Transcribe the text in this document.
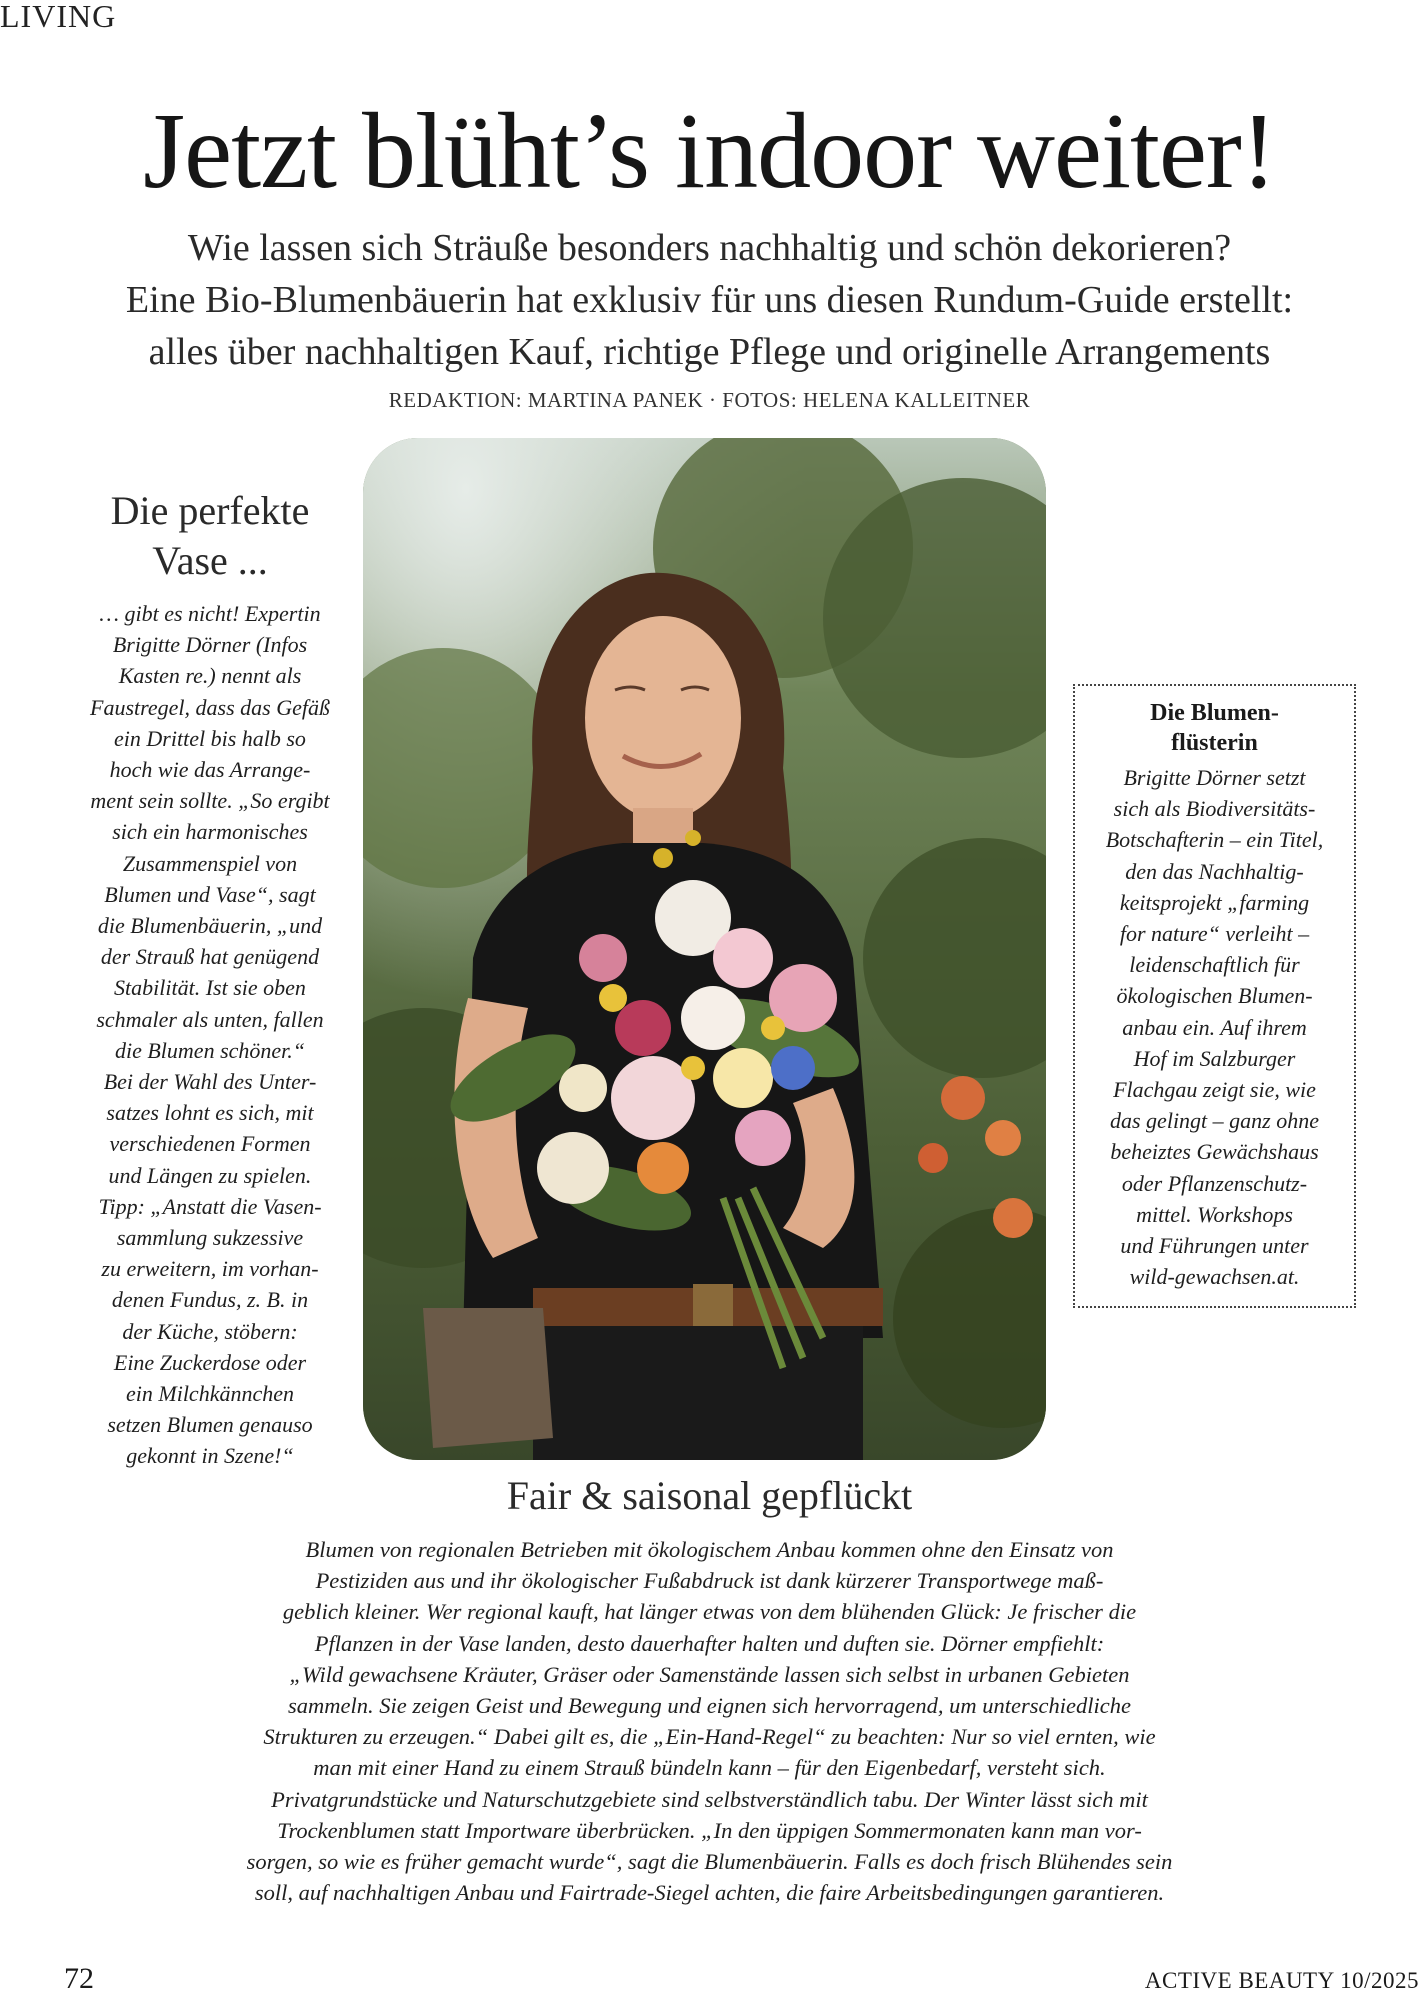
LIVING
Jetzt blüht’s indoor weiter!
Wie lassen sich Sträuße besonders nachhaltig und schön dekorieren?
Eine Bio-Blumenbäuerin hat exklusiv für uns diesen Rundum-Guide erstellt:
alles über nachhaltigen Kauf, richtige Pflege und originelle Arrangements
REDAKTION: MARTINA PANEK · FOTOS: HELENA KALLEITNER
Die perfekte
Vase ...
… gibt es nicht! Expertin
Brigitte Dörner (Infos
Kasten re.) nennt als
Faustregel, dass das Gefäß
ein Drittel bis halb so
hoch wie das Arrange-
ment sein sollte. „So ergibt
sich ein harmonisches
Zusammenspiel von
Blumen und Vase“, sagt
die Blumenbäuerin, „und
der Strauß hat genügend
Stabilität. Ist sie oben
schmaler als unten, fallen
die Blumen schöner.“
Bei der Wahl des Unter-
satzes lohnt es sich, mit
verschiedenen Formen
und Längen zu spielen.
Tipp: „Anstatt die Vasen-
sammlung sukzessive
zu erweitern, im vorhan-
denen Fundus, z. B. in
der Küche, stöbern:
Eine Zuckerdose oder
ein Milchkännchen
setzen Blumen genauso
gekonnt in Szene!“
Die Blumen-
flüsterin
Brigitte Dörner setzt
sich als Biodiversitäts-
Botschafterin – ein Titel,
den das Nachhaltig-
keitsprojekt „farming
for nature“ verleiht –
leidenschaftlich für
ökologischen Blumen-
anbau ein. Auf ihrem
Hof im Salzburger
Flachgau zeigt sie, wie
das gelingt – ganz ohne
beheiztes Gewächshaus
oder Pflanzenschutz-
mittel. Workshops
und Führungen unter
wild-gewachsen.at.
Fair & saisonal gepflückt
Blumen von regionalen Betrieben mit ökologischem Anbau kommen ohne den Einsatz von
Pestiziden aus und ihr ökologischer Fußabdruck ist dank kürzerer Transportwege maß-
geblich kleiner. Wer regional kauft, hat länger etwas von dem blühenden Glück: Je frischer die
Pflanzen in der Vase landen, desto dauerhafter halten und duften sie. Dörner empfiehlt:
„Wild gewachsene Kräuter, Gräser oder Samenstände lassen sich selbst in urbanen Gebieten
sammeln. Sie zeigen Geist und Bewegung und eignen sich hervorragend, um unterschiedliche
Strukturen zu erzeugen.“ Dabei gilt es, die „Ein-Hand-Regel“ zu beachten: Nur so viel ernten, wie
man mit einer Hand zu einem Strauß bündeln kann – für den Eigenbedarf, versteht sich.
Privatgrundstücke und Naturschutzgebiete sind selbstverständlich tabu. Der Winter lässt sich mit
Trockenblumen statt Importware überbrücken. „In den üppigen Sommermonaten kann man vor-
sorgen, so wie es früher gemacht wurde“, sagt die Blumenbäuerin. Falls es doch frisch Blühendes sein
soll, auf nachhaltigen Anbau und Fairtrade-Siegel achten, die faire Arbeitsbedingungen garantieren.
72	ACTIVE BEAUTY 10/2025
